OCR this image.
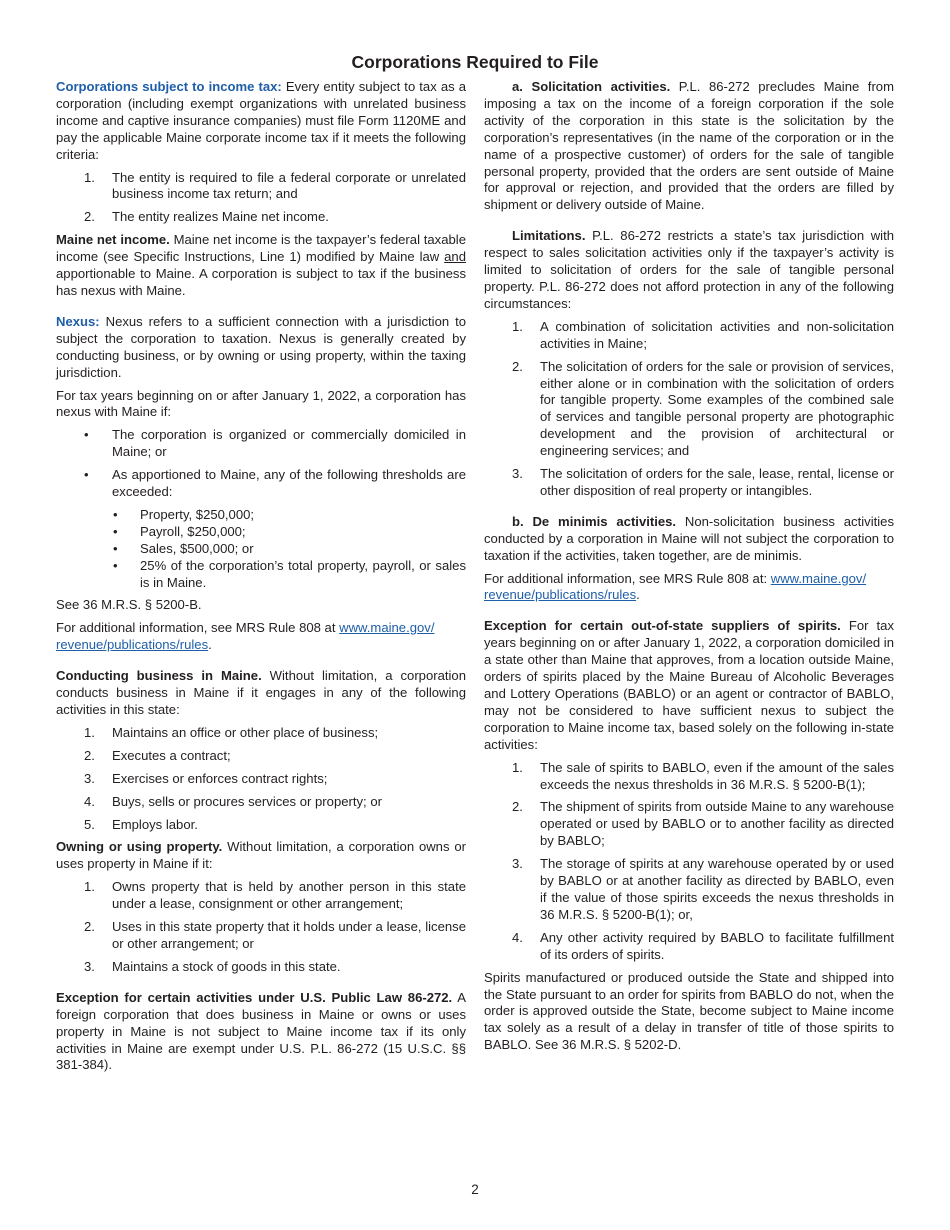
Corporations Required to File

Corporations subject to income tax: Every entity subject to tax as a corporation (including exempt organizations with unrelated business income and captive insurance companies) must file Form 1120ME and pay the applicable Maine corporate income tax if it meets the following criteria:

1. The entity is required to file a federal corporate or unrelated business income tax return; and
2. The entity realizes Maine net income.

Maine net income. Maine net income is the taxpayer’s federal taxable income (see Specific Instructions, Line 1) modified by Maine law and apportionable to Maine. A corporation is subject to tax if the business has nexus with Maine.

Nexus: Nexus refers to a sufficient connection with a jurisdiction to subject the corporation to taxation. Nexus is generally created by conducting business, or by owning or using property, within the taxing jurisdiction.

For tax years beginning on or after January 1, 2022, a corporation has nexus with Maine if:

• The corporation is organized or commercially domiciled in Maine; or
• As apportioned to Maine, any of the following thresholds are exceeded:
• Property, $250,000;
• Payroll, $250,000;
• Sales, $500,000; or
• 25% of the corporation’s total property, payroll, or sales is in Maine.

See 36 M.R.S. § 5200-B.

For additional information, see MRS Rule 808 at www.maine.gov/
revenue/publications/rules.

Conducting business in Maine. Without limitation, a corporation conducts business in Maine if it engages in any of the following activities in this state:

1. Maintains an office or other place of business;
2. Executes a contract;
3. Exercises or enforces contract rights;
4. Buys, sells or procures services or property; or
5. Employs labor.

Owning or using property. Without limitation, a corporation owns or uses property in Maine if it:

1. Owns property that is held by another person in this state under a lease, consignment or other arrangement;
2. Uses in this state property that it holds under a lease, license or other arrangement; or
3. Maintains a stock of goods in this state.

Exception for certain activities under U.S. Public Law 86-272. A foreign corporation that does business in Maine or owns or uses property in Maine is not subject to Maine income tax if its only activities in Maine are exempt under U.S. P.L. 86-272 (15 U.S.C. §§ 381-384).

a. Solicitation activities. P.L. 86-272 precludes Maine from imposing a tax on the income of a foreign corporation if the sole activity of the corporation in this state is the solicitation by the corporation’s representatives (in the name of the corporation or in the name of a prospective customer) of orders for the sale of tangible personal property, provided that the orders are sent outside of Maine for approval or rejection, and provided that the orders are filled by shipment or delivery outside of Maine.

Limitations. P.L. 86-272 restricts a state’s tax jurisdiction with respect to sales solicitation activities only if the taxpayer’s activity is limited to solicitation of orders for the sale of tangible personal property. P.L. 86-272 does not afford protection in any of the following circumstances:

1. A combination of solicitation activities and non-solicitation activities in Maine;
2. The solicitation of orders for the sale or provision of services, either alone or in combination with the solicitation of orders for tangible property. Some examples of the combined sale of services and tangible personal property are photographic development and the provision of architectural or engineering services; and
3. The solicitation of orders for the sale, lease, rental, license or other disposition of real property or intangibles.

b. De minimis activities. Non-solicitation business activities conducted by a corporation in Maine will not subject the corporation to taxation if the activities, taken together, are de minimis.

For additional information, see MRS Rule 808 at: www.maine.gov/
revenue/publications/rules.

Exception for certain out-of-state suppliers of spirits. For tax years beginning on or after January 1, 2022, a corporation domiciled in a state other than Maine that approves, from a location outside Maine, orders of spirits placed by the Maine Bureau of Alcoholic Beverages and Lottery Operations (BABLO) or an agent or contractor of BABLO, may not be considered to have sufficient nexus to subject the corporation to Maine income tax, based solely on the following in-state activities:

1. The sale of spirits to BABLO, even if the amount of the sales exceeds the nexus thresholds in 36 M.R.S. § 5200-B(1);
2. The shipment of spirits from outside Maine to any warehouse operated or used by BABLO or to another facility as directed by BABLO;
3. The storage of spirits at any warehouse operated by or used by BABLO or at another facility as directed by BABLO, even if the value of those spirits exceeds the nexus thresholds in 36 M.R.S. § 5200-B(1); or,
4. Any other activity required by BABLO to facilitate fulfillment of its orders of spirits.

Spirits manufactured or produced outside the State and shipped into the State pursuant to an order for spirits from BABLO do not, when the order is approved outside the State, become subject to Maine income tax solely as a result of a delay in transfer of title of those spirits to BABLO. See 36 M.R.S. § 5202-D.

2
